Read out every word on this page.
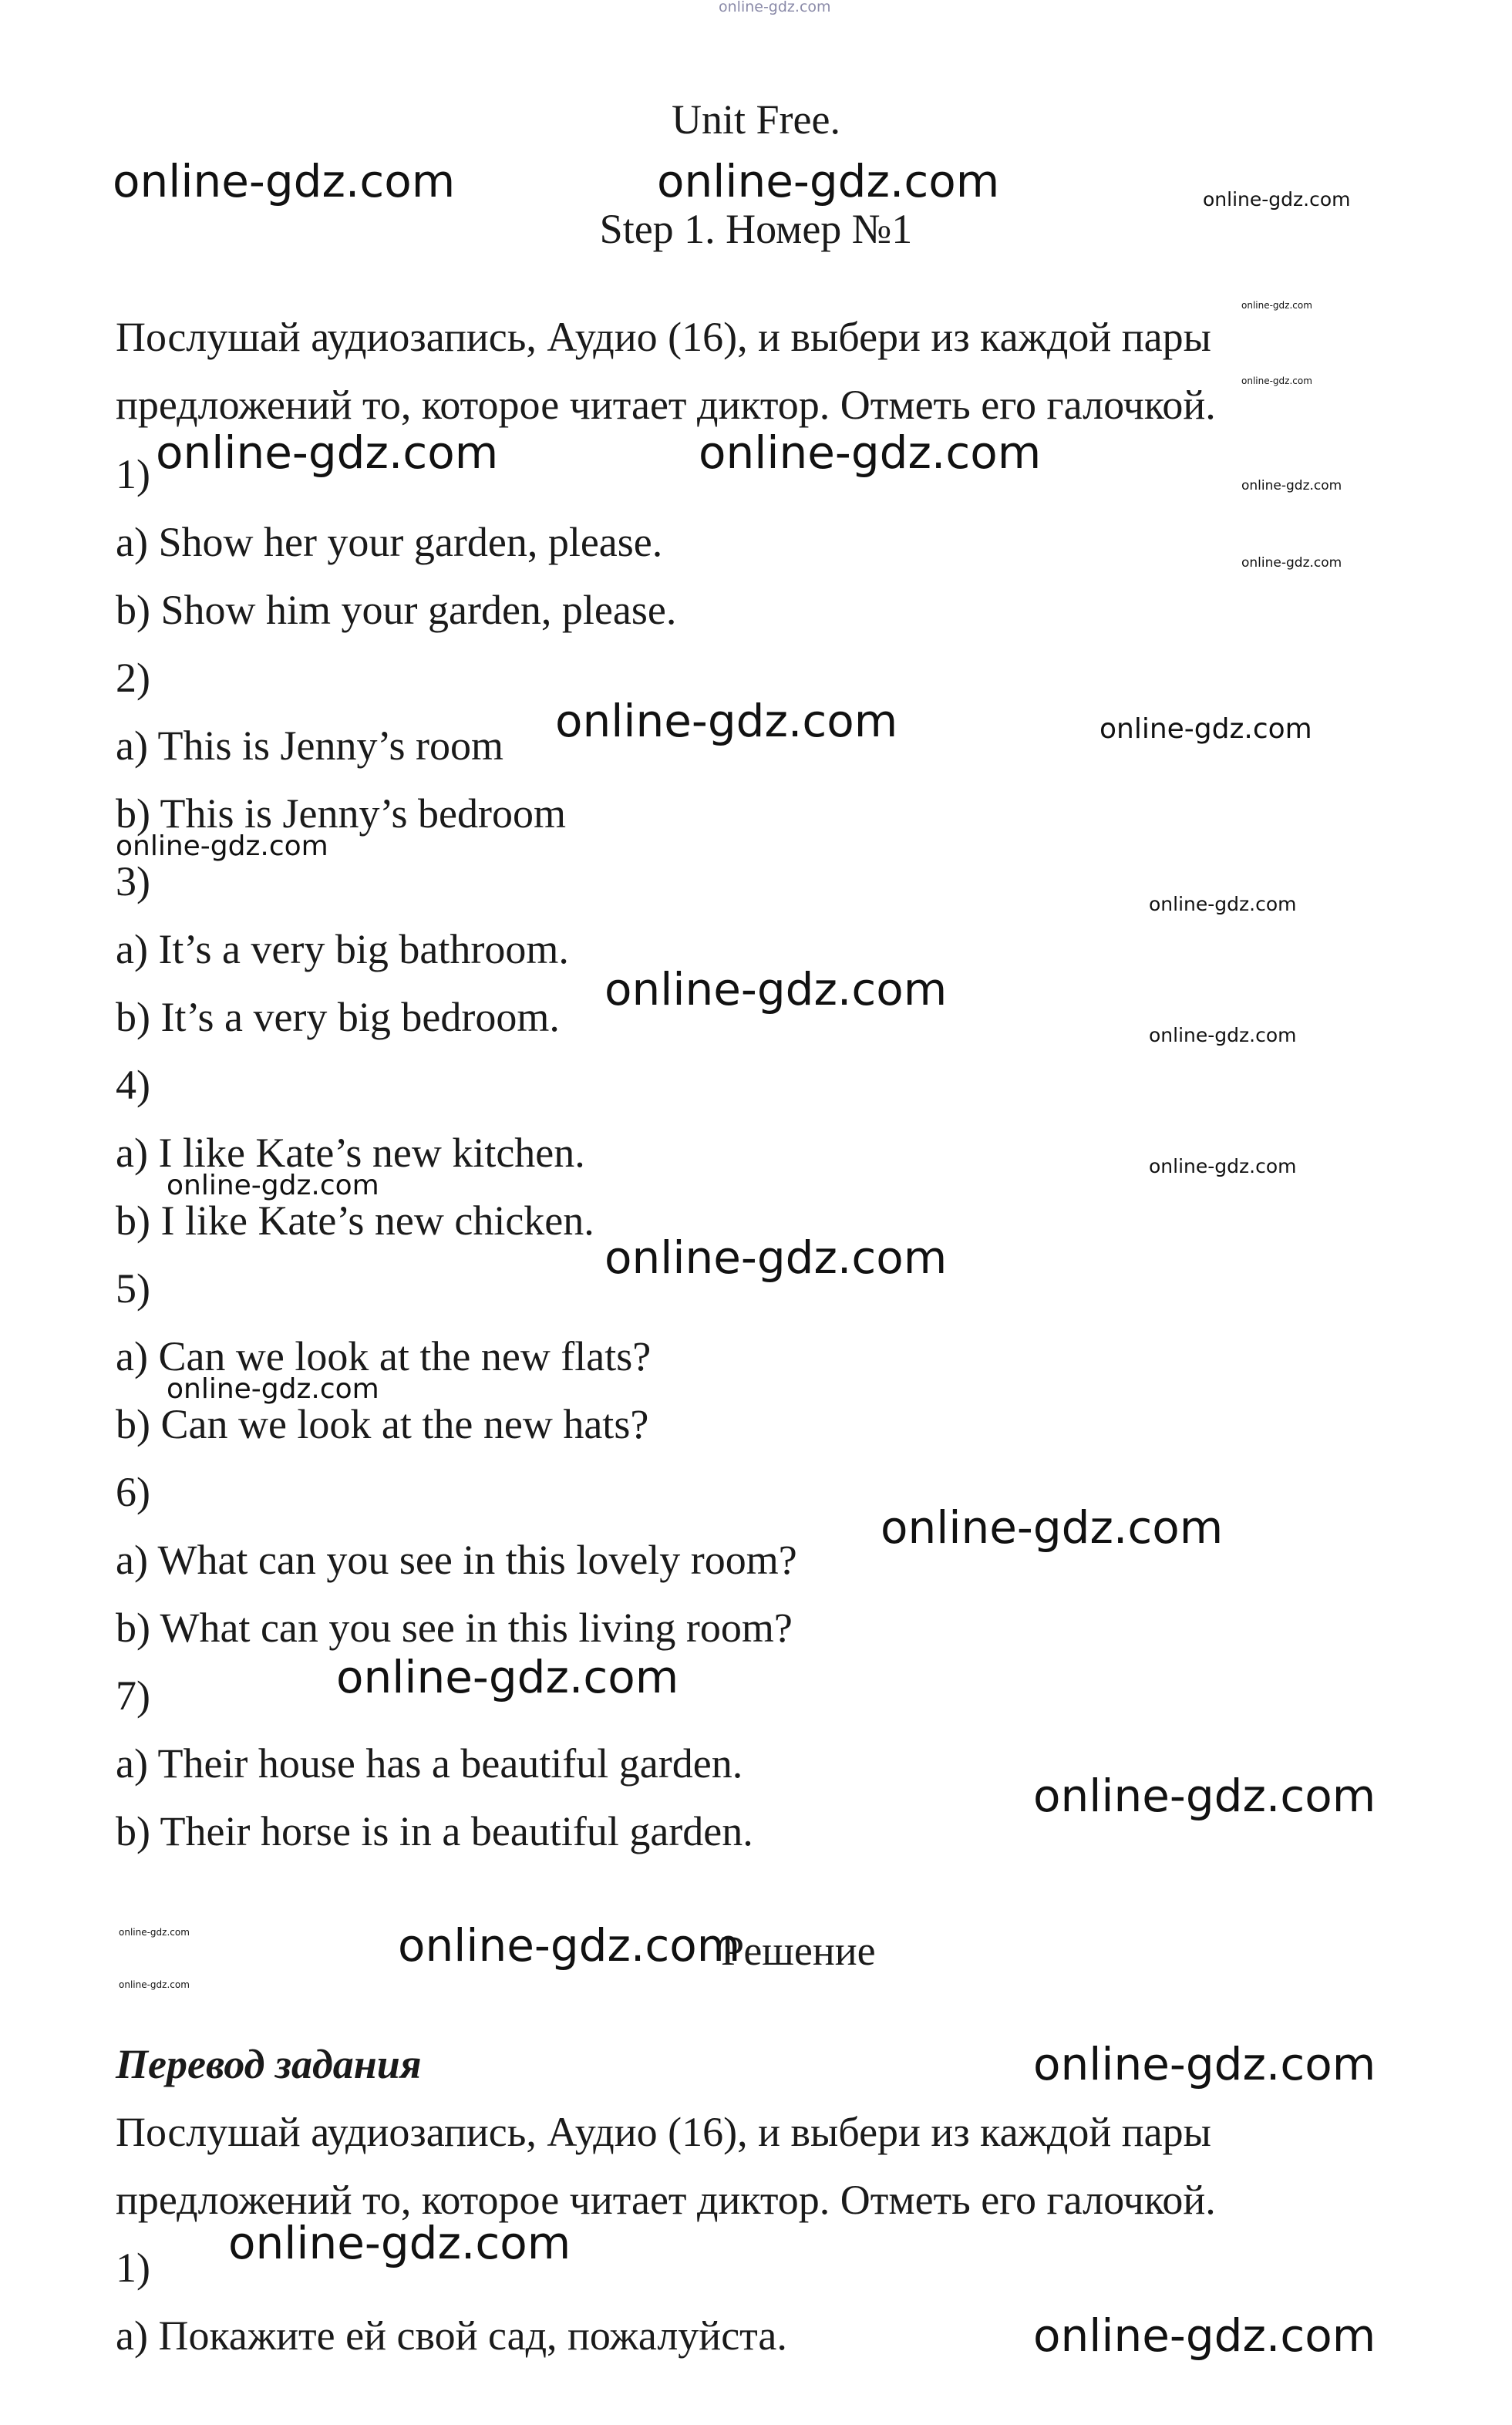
online-gdz.com
Unit Free.
Step 1. Номер №1

Послушай аудиозапись, Аудио (16), и выбери из каждой пары

предложений то, которое читает диктор. Отметь его галочкой.

1)
a) Show her your garden, please.
b) Show him your garden, please.
2)
a) This is Jenny’s room
b) This is Jenny’s bedroom
3)
a) It’s a very big bathroom.
b) It’s a very big bedroom.
4)
a) I like Kate’s new kitchen.
b) I like Kate’s new chicken.
5)
a) Can we look at the new flats?
b) Can we look at the new hats?
6)
a) What can you see in this lovely room?
b) What can you see in this living room?
7)
a) Their house has a beautiful garden.
b) Their horse is in a beautiful garden.
Решение
Перевод задания

Послушай аудиозапись, Аудио (16), и выбери из каждой пары

предложений то, которое читает диктор. Отметь его галочкой.

1)
а) Покажите ей свой сад, пожалуйста.
online-gdz.com	online-gdz.com	online-gdz.com
online-gdz.com
online-gdz.com
online-gdz.com	online-gdz.com
online-gdz.com
online-gdz.com
online-gdz.com	online-gdz.com
online-gdz.com
online-gdz.com
online-gdz.com
online-gdz.com
online-gdz.com
online-gdz.com
online-gdz.com
online-gdz.com
online-gdz.com
online-gdz.com
online-gdz.com
online-gdz.com
online-gdz.com
online-gdz.com
online-gdz.com
online-gdz.com
online-gdz.com
